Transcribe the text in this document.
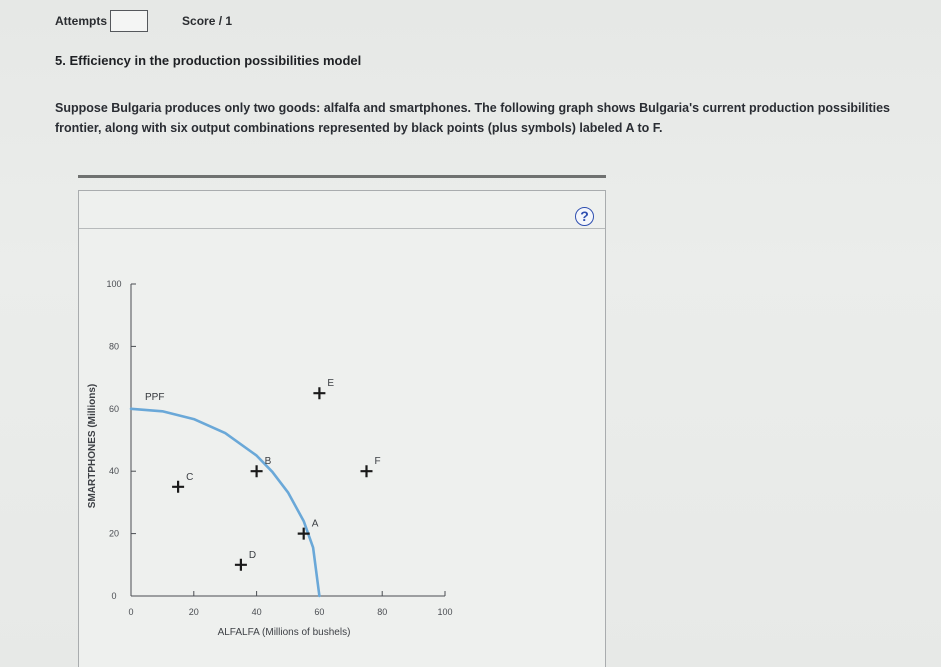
Attempts	Score / 1
5. Efficiency in the production possibilities model
Suppose Bulgaria produces only two goods: alfalfa and smartphones. The following graph shows Bulgaria's current production possibilities frontier, along with six output combinations represented by black points (plus symbols) labeled A to F.
?
0
20
40
60
80
100
0	20	40	60	80	100
ALFALFA (Millions of bushels)
SMARTPHONES (Millions)	PPF
A
B
C
D
E
F
